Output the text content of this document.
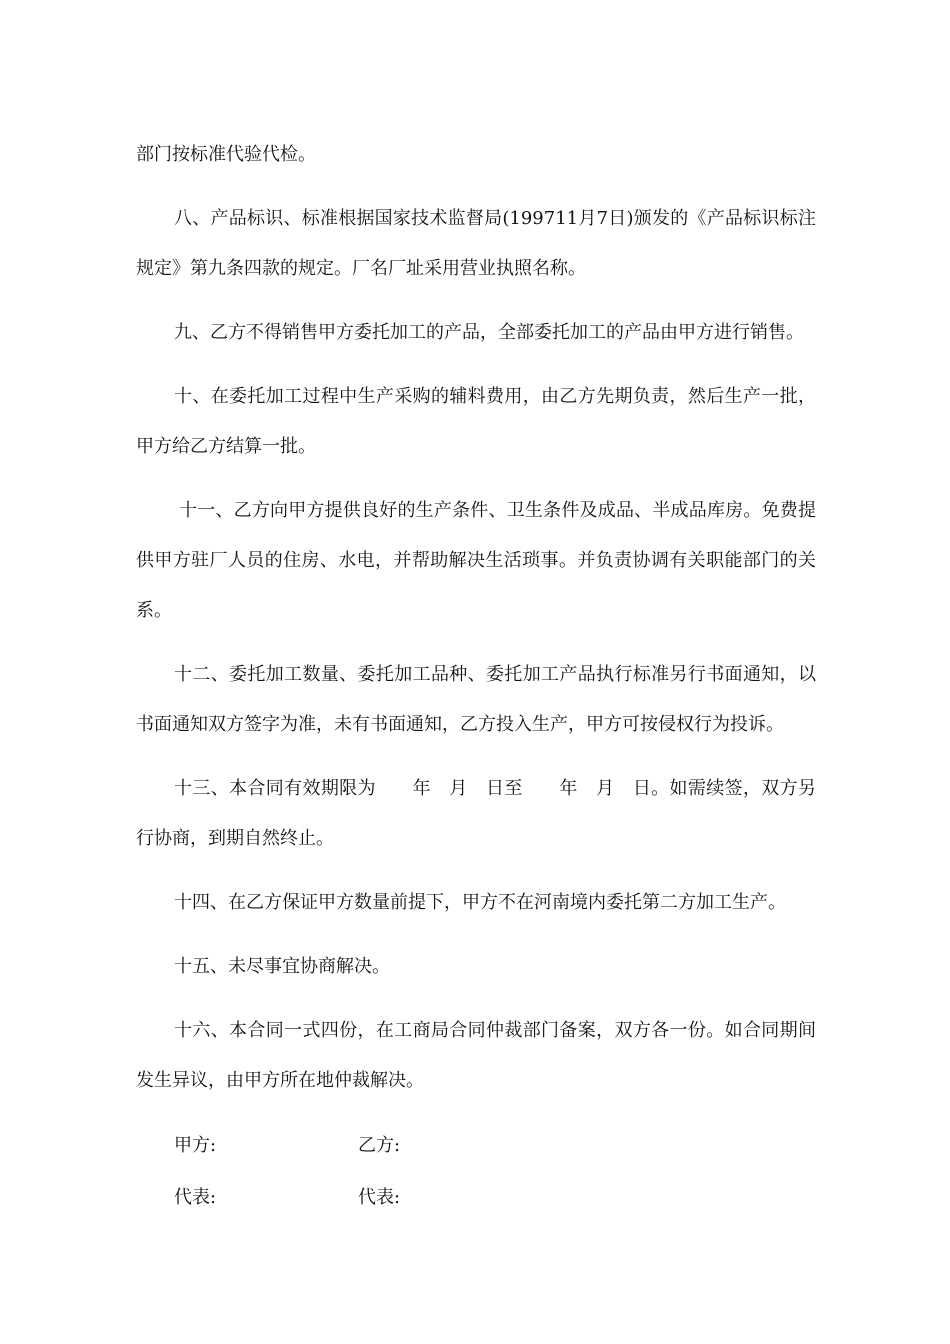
部门按标准代验代检。

八、产品标识、标准根据国家技术监督局(199711月7日)颁发的《产品标识标注规定》第九条四款的规定。厂名厂址采用营业执照名称。

九、乙方不得销售甲方委托加工的产品，全部委托加工的产品由甲方进行销售。

十、在委托加工过程中生产采购的辅料费用，由乙方先期负责，然后生产一批，甲方给乙方结算一批。

十一、乙方向甲方提供良好的生产条件、卫生条件及成品、半成品库房。免费提供甲方驻厂人员的住房、水电，并帮助解决生活琐事。并负责协调有关职能部门的关系。

十二、委托加工数量、委托加工品种、委托加工产品执行标准另行书面通知，以书面通知双方签字为准，未有书面通知，乙方投入生产，甲方可按侵权行为投诉。

十三、本合同有效期限为　　年　月　日至　　年　月　日。如需续签，双方另行协商，到期自然终止。

十四、在乙方保证甲方数量前提下，甲方不在河南境内委托第二方加工生产。

十五、未尽事宜协商解决。

十六、本合同一式四份，在工商局合同仲裁部门备案，双方各一份。如合同期间发生异议，由甲方所在地仲裁解决。

甲方:	乙方:
代表:	代表:
